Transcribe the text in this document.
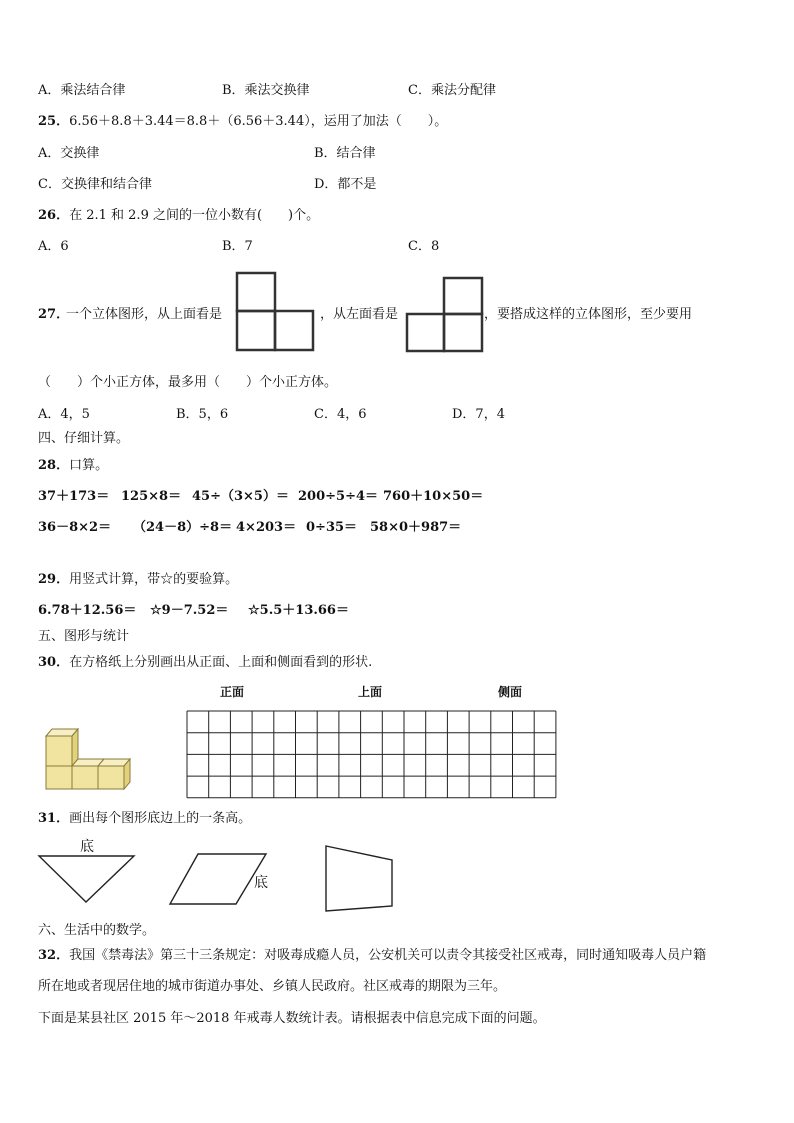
A．乘法结合律	B．乘法交换律	C．乘法分配律
25．6.56＋8.8＋3.44＝8.8＋（6.56＋3.44），运用了加法（　　）。
A．交换律	B．结合律
C．交换律和结合律	D．都不是
26．在 2.1 和 2.9 之间的一位小数有(　　)个。
A．6	B．7	C．8
27．
一个立体图形，从上面看是	，从左面看是	，要搭成这样的立体图形，至少要用
（　　）个小正方体，最多用（　　）个小正方体。
A．4，5	B．5，6	C．4，6	D．7，4
四、仔细计算。
28．口算。
37＋173＝ 125×8＝ 45÷（3×5）＝ 200÷5÷4＝ 760＋10×50＝
36－8×2＝ （24－8）÷8＝ 4×203＝ 0÷35＝ 58×0＋987＝
29．用竖式计算，带☆的要验算。
6.78＋12.56＝ ☆9－7.52＝ ☆5.5＋13.66＝
五、图形与统计
30．在方格纸上分别画出从正面、上面和侧面看到的形状.
正面	上面	侧面
31．画出每个图形底边上的一条高。
底
底
六、生活中的数学。
32．我国《禁毒法》第三十三条规定：对吸毒成瘾人员，公安机关可以责令其接受社区戒毒，同时通知吸毒人员户籍
所在地或者现居住地的城市街道办事处、乡镇人民政府。社区戒毒的期限为三年。
下面是某县社区 2015 年～2018 年戒毒人数统计表。请根据表中信息完成下面的问题。
